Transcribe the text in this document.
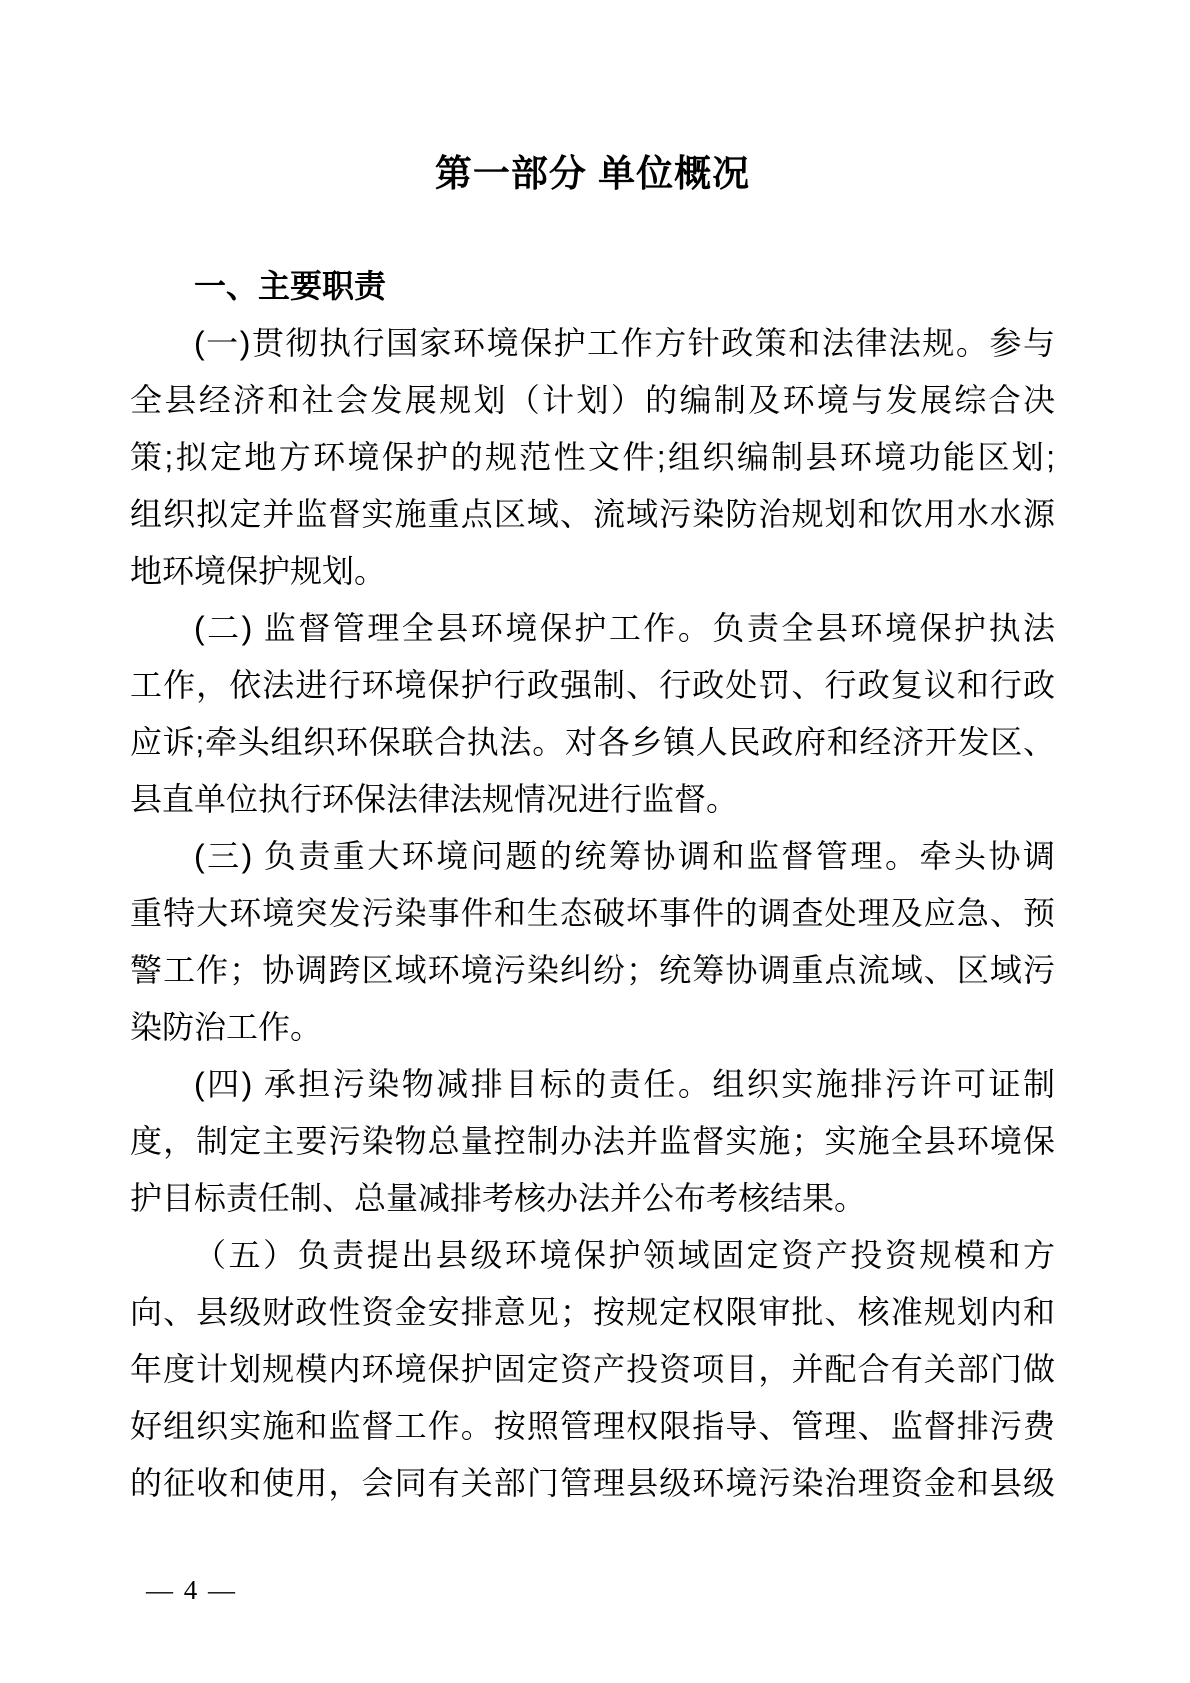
第一部分 单位概况
一、主要职责
(一)贯彻执行国家环境保护工作方针政策和法律法规。参与
全县经济和社会发展规划（计划）的编制及环境与发展综合决
策;拟定地方环境保护的规范性文件;组织编制县环境功能区划;
组织拟定并监督实施重点区域、流域污染防治规划和饮用水水源
地环境保护规划。
(二) 监督管理全县环境保护工作。负责全县环境保护执法
工作，依法进行环境保护行政强制、行政处罚、行政复议和行政
应诉;牵头组织环保联合执法。对各乡镇人民政府和经济开发区、
县直单位执行环保法律法规情况进行监督。
(三) 负责重大环境问题的统筹协调和监督管理。牵头协调
重特大环境突发污染事件和生态破坏事件的调查处理及应急、预
警工作；协调跨区域环境污染纠纷；统筹协调重点流域、区域污
染防治工作。
(四) 承担污染物减排目标的责任。组织实施排污许可证制
度，制定主要污染物总量控制办法并监督实施；实施全县环境保
护目标责任制、总量减排考核办法并公布考核结果。
（五）负责提出县级环境保护领域固定资产投资规模和方
向、县级财政性资金安排意见；按规定权限审批、核准规划内和
年度计划规模内环境保护固定资产投资项目，并配合有关部门做
好组织实施和监督工作。按照管理权限指导、管理、监督排污费
的征收和使用，会同有关部门管理县级环境污染治理资金和县级
— 4 —
